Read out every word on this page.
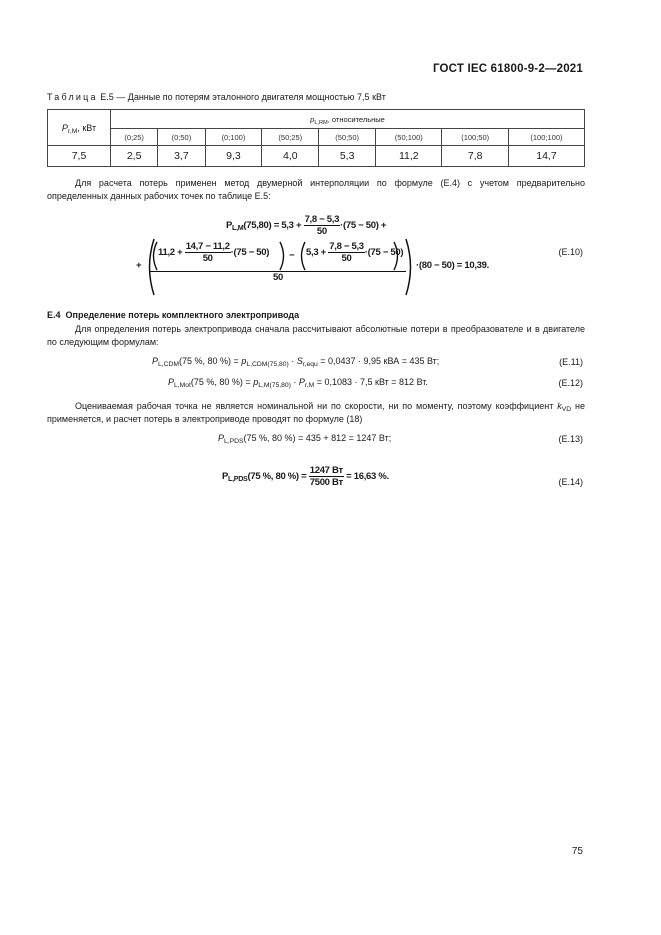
ГОСТ IEC 61800-9-2—2021
Таблица Е.5 — Данные по потерям эталонного двигателя мощностью 7,5 кВт
$P_{r,M}$, кВт	$p_{L,RM}$, относительные							
	(0;25)	(0;50)	(0;100)	(50;25)	(50;50)	(50;100)	(100;50)	(100;100)
7,5	2,5	3,7	9,3	4,0	5,3	11,2	7,8	14,7
Для расчета потерь применен метод двумерной интерполяции по формуле (Е.4) с учетом предварительно определенных данных рабочих точек по таблице Е.5:
$P_{L,M}(75,80) = 5,3 + \frac{7,8 - 5,3}{50} \cdot(75 - 50)$ +
+
$11,2 + \frac{14,7 - 11,2}{50} \cdot(75 - 50) - 5,3 + \frac{7,8 - 5,3}{50} \cdot(75 - 50)$
50
·(80 − 50) = 10,39.
(Е.10)
Е.4 Определение потерь комплектного электропривода
Для определения потерь электропривода сначала рассчитывают абсолютные потери в преобразователе и в двигателе по следующим формулам:
$P_{L,CDM}(75$ %, 80 %) = $p_{L,CDM(75,80)} \cdot S_{r,equ} = 0,0437 \cdot 9,95$ кВА = 435 Вт;	(Е.11)
$P_{L,Mot}(75$ %, 80 %) = $p_{L,M(75,80)} \cdot P_{r,M} = 0,1083 \cdot 7,5$ кВт = 812 Вт.	(Е.12)
Оцениваемая рабочая точка не является номинальной ни по скорости, ни по моменту, поэтому коэффициент $k_{VD}$ не применяется, и расчет потерь в электроприводе проводят по формуле (18)
$P_{L,PDS}(75$ %, 80 %) = 435 + 812 = 1247 Вт;	(Е.13)
$P_{L,PDS}(75$ %, 80 %) = $\frac{1247 Вт}{7500 Вт} = 16,63$ %.	(Е.14)
75
